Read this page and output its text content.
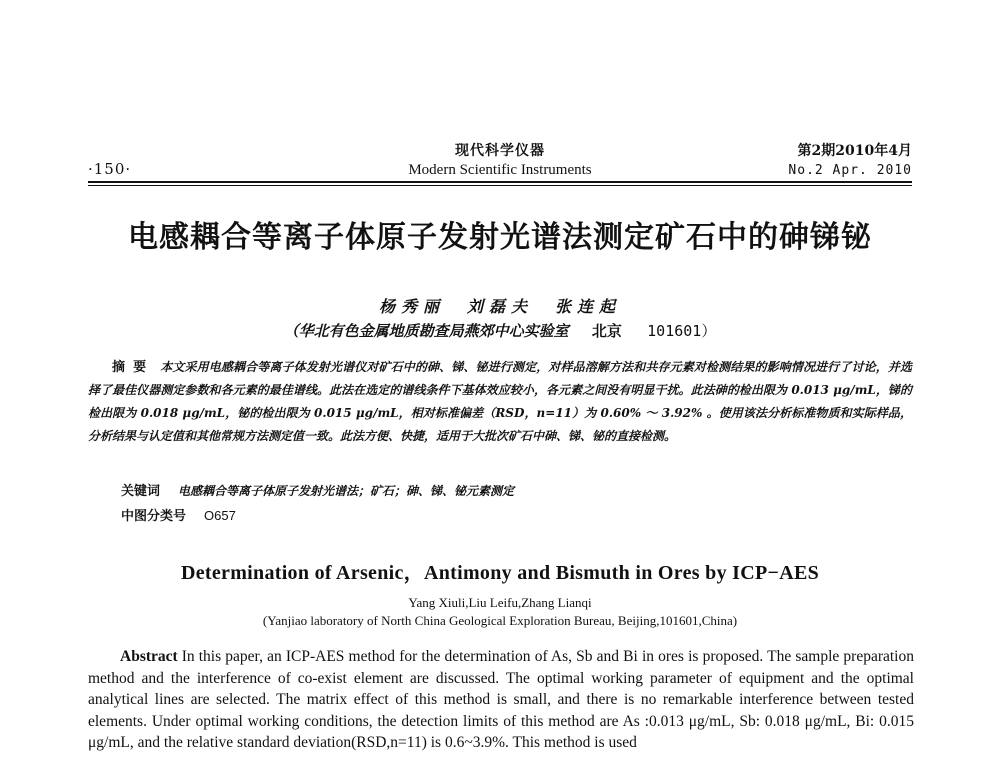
·150·
现代科学仪器
Modern Scientific Instruments
第2期2010年4月
No.2 Apr. 2010
电感耦合等离子体原子发射光谱法测定矿石中的砷锑铋
杨秀丽　刘磊夫　张连起
（华北有色金属地质勘查局燕郊中心实验室 北京 101601）
摘要 本文采用电感耦合等离子体发射光谱仪对矿石中的砷、锑、铋进行测定，对样品溶解方法和共存元素对检测结果的影响情况进行了讨论，并选择了最佳仪器测定参数和各元素的最佳谱线。此法在选定的谱线条件下基体效应较小，各元素之间没有明显干扰。此法砷的检出限为 0.013 μg/mL，锑的检出限为 0.018 μg/mL，铋的检出限为 0.015 μg/mL，相对标准偏差（RSD，n=11）为 0.60% ～ 3.92% 。使用该法分析标准物质和实际样品，分析结果与认定值和其他常规方法测定值一致。此法方便、快捷，适用于大批次矿石中砷、锑、铋的直接检测。
关键词 电感耦合等离子体原子发射光谱法；矿石；砷、锑、铋元素测定
中图分类号 O657
Determination of Arsenic，Antimony and Bismuth in Ores by ICP−AES
Yang Xiuli,Liu Leifu,Zhang Lianqi
(Yanjiao laboratory of North China Geological Exploration Bureau, Beijing,101601,China)
Abstract In this paper, an ICP-AES method for the determination of As, Sb and Bi in ores is proposed. The sample preparation method and the interference of co-exist element are discussed. The optimal working parameter of equipment and the optimal analytical lines are selected. The matrix effect of this method is small, and there is no remarkable interference between tested elements. Under optimal working conditions, the detection limits of this method are As :0.013 μg/mL, Sb: 0.018 μg/mL, Bi: 0.015 μg/mL, and the relative standard deviation(RSD,n=11) is 0.6~3.9%. This method is used
